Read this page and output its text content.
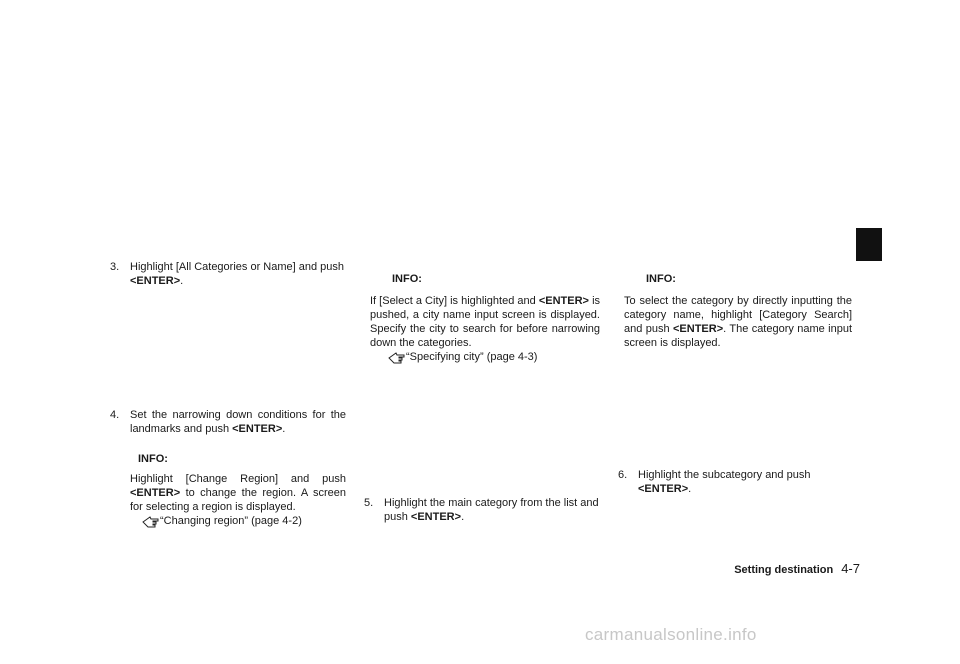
3. Highlight [All Categories or Name] and push
<ENTER>.
4. Set the narrowing down conditions for the landmarks and push <ENTER>.
INFO:
Highlight [Change Region] and push <ENTER> to change the region. A screen for selecting a region is displayed.
“Changing region” (page 4-2)
INFO:
If [Select a City] is highlighted and <ENTER> is pushed, a city name input screen is displayed. Specify the city to search for before narrowing down the categories.
“Specifying city” (page 4-3)
5. Highlight the main category from the list and push <ENTER>.
INFO:
To select the category by directly inputting the category name, highlight [Category Search] and push <ENTER>. The category name input screen is displayed.
6. Highlight the subcategory and push
<ENTER>.
Setting destination 4-7
carmanualsonline.info
